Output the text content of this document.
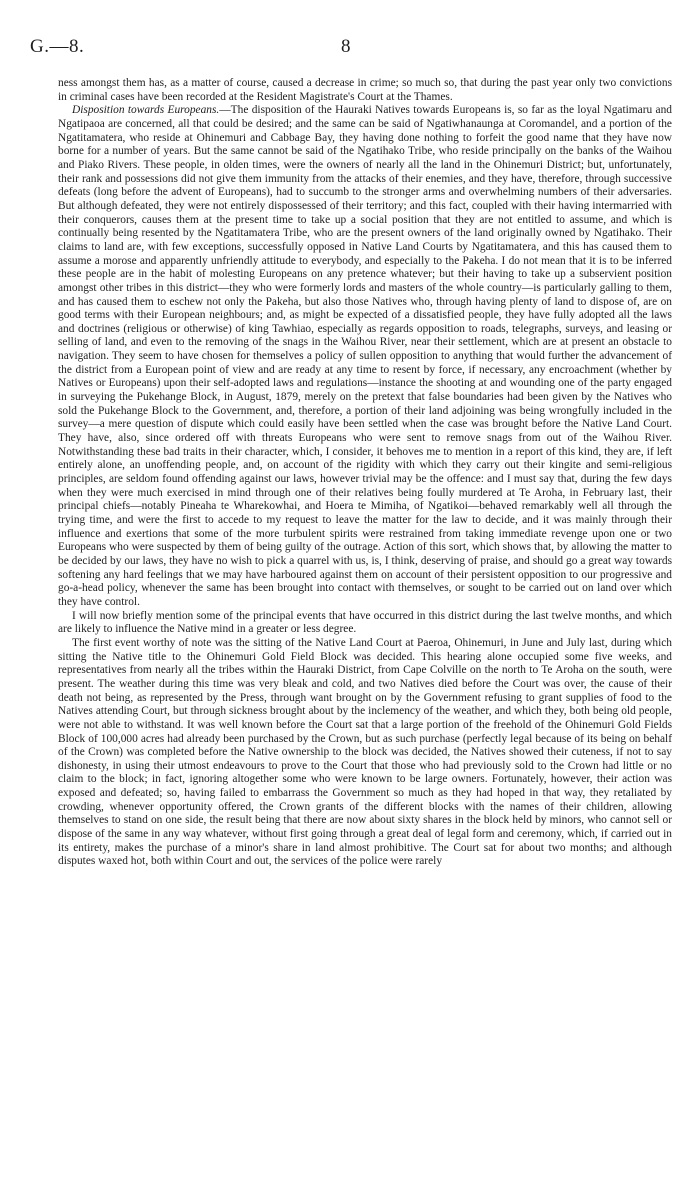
G.—8.	8

ness amongst them has, as a matter of course, caused a decrease in crime; so much so, that during the past year only two convictions in criminal cases have been recorded at the Resident Magistrate's Court at the Thames.

Disposition towards Europeans.—The disposition of the Hauraki Natives towards Europeans is, so far as the loyal Ngatimaru and Ngatipaoa are concerned, all that could be desired; and the same can be said of Ngatiwhanaunga at Coromandel, and a portion of the Ngatitamatera, who reside at Ohinemuri and Cabbage Bay, they having done nothing to forfeit the good name that they have now borne for a number of years. But the same cannot be said of the Ngatihako Tribe, who reside principally on the banks of the Waihou and Piako Rivers. These people, in olden times, were the owners of nearly all the land in the Ohinemuri District; but, unfortunately, their rank and possessions did not give them immunity from the attacks of their enemies, and they have, therefore, through successive defeats (long before the advent of Europeans), had to succumb to the stronger arms and overwhelming numbers of their adversaries. But although defeated, they were not entirely dispossessed of their territory; and this fact, coupled with their having intermarried with their conquerors, causes them at the present time to take up a social position that they are not entitled to assume, and which is continually being resented by the Ngatitamatera Tribe, who are the present owners of the land originally owned by Ngatihako. Their claims to land are, with few exceptions, successfully opposed in Native Land Courts by Ngatitamatera, and this has caused them to assume a morose and apparently unfriendly attitude to everybody, and especially to the Pakeha. I do not mean that it is to be inferred these people are in the habit of molesting Europeans on any pretence whatever; but their having to take up a subservient position amongst other tribes in this district—they who were formerly lords and masters of the whole country—is particularly galling to them, and has caused them to eschew not only the Pakeha, but also those Natives who, through having plenty of land to dispose of, are on good terms with their European neighbours; and, as might be expected of a dissatisfied people, they have fully adopted all the laws and doctrines (religious or otherwise) of king Tawhiao, especially as regards opposition to roads, telegraphs, surveys, and leasing or selling of land, and even to the removing of the snags in the Waihou River, near their settlement, which are at present an obstacle to navigation. They seem to have chosen for themselves a policy of sullen opposition to anything that would further the advancement of the district from a European point of view and are ready at any time to resent by force, if necessary, any encroachment (whether by Natives or Europeans) upon their self-adopted laws and regulations—instance the shooting at and wounding one of the party engaged in surveying the Pukehange Block, in August, 1879, merely on the pretext that false boundaries had been given by the Natives who sold the Pukehange Block to the Government, and, therefore, a portion of their land adjoining was being wrongfully included in the survey—a mere question of dispute which could easily have been settled when the case was brought before the Native Land Court. They have, also, since ordered off with threats Europeans who were sent to remove snags from out of the Waihou River. Notwithstanding these bad traits in their character, which, I consider, it behoves me to mention in a report of this kind, they are, if left entirely alone, an unoffending people, and, on account of the rigidity with which they carry out their kingite and semi-religious principles, are seldom found offending against our laws, however trivial may be the offence: and I must say that, during the few days when they were much exercised in mind through one of their relatives being foully murdered at Te Aroha, in February last, their principal chiefs—notably Pineaha te Wharekowhai, and Hoera te Mimiha, of Ngatikoi—behaved remarkably well all through the trying time, and were the first to accede to my request to leave the matter for the law to decide, and it was mainly through their influence and exertions that some of the more turbulent spirits were restrained from taking immediate revenge upon one or two Europeans who were suspected by them of being guilty of the outrage. Action of this sort, which shows that, by allowing the matter to be decided by our laws, they have no wish to pick a quarrel with us, is, I think, deserving of praise, and should go a great way towards softening any hard feelings that we may have harboured against them on account of their persistent opposition to our progressive and go-a-head policy, whenever the same has been brought into contact with themselves, or sought to be carried out on land over which they have control.

I will now briefly mention some of the principal events that have occurred in this district during the last twelve months, and which are likely to influence the Native mind in a greater or less degree.

The first event worthy of note was the sitting of the Native Land Court at Paeroa, Ohinemuri, in June and July last, during which sitting the Native title to the Ohinemuri Gold Field Block was decided. This hearing alone occupied some five weeks, and representatives from nearly all the tribes within the Hauraki District, from Cape Colville on the north to Te Aroha on the south, were present. The weather during this time was very bleak and cold, and two Natives died before the Court was over, the cause of their death not being, as represented by the Press, through want brought on by the Government refusing to grant supplies of food to the Natives attending Court, but through sickness brought about by the inclemency of the weather, and which they, both being old people, were not able to withstand. It was well known before the Court sat that a large portion of the freehold of the Ohinemuri Gold Fields Block of 100,000 acres had already been purchased by the Crown, but as such purchase (perfectly legal because of its being on behalf of the Crown) was completed before the Native ownership to the block was decided, the Natives showed their cuteness, if not to say dishonesty, in using their utmost endeavours to prove to the Court that those who had previously sold to the Crown had little or no claim to the block; in fact, ignoring altogether some who were known to be large owners. Fortunately, however, their action was exposed and defeated; so, having failed to embarrass the Government so much as they had hoped in that way, they retaliated by crowding, whenever opportunity offered, the Crown grants of the different blocks with the names of their children, allowing themselves to stand on one side, the result being that there are now about sixty shares in the block held by minors, who cannot sell or dispose of the same in any way whatever, without first going through a great deal of legal form and ceremony, which, if carried out in its entirety, makes the purchase of a minor's share in land almost prohibitive. The Court sat for about two months; and although disputes waxed hot, both within Court and out, the services of the police were rarely
